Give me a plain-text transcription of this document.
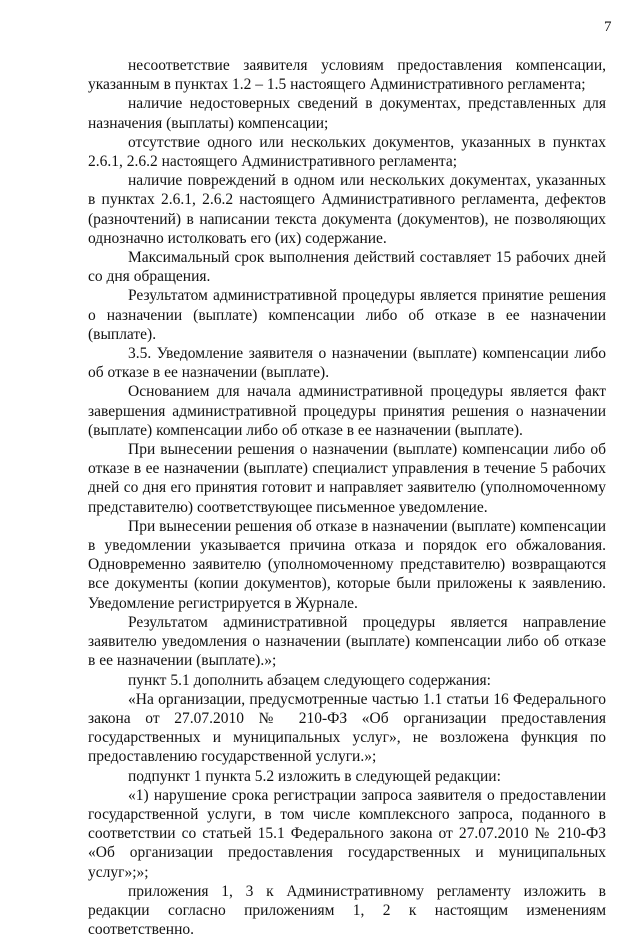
7

несоответствие заявителя условиям предоставления компенсации, указанным в пунктах 1.2 – 1.5 настоящего Административного регламента;

наличие недостоверных сведений в документах, представленных для назначения (выплаты) компенсации;

отсутствие одного или нескольких документов, указанных в пунктах 2.6.1, 2.6.2 настоящего Административного регламента;

наличие повреждений в одном или нескольких документах, указанных в пунктах 2.6.1, 2.6.2 настоящего Административного регламента, дефектов (разночтений) в написании текста документа (документов), не позволяющих однозначно истолковать его (их) содержание.

Максимальный срок выполнения действий составляет 15 рабочих дней со дня обращения.

Результатом административной процедуры является принятие решения о назначении (выплате) компенсации либо об отказе в ее назначении (выплате).

3.5. Уведомление заявителя о назначении (выплате) компенсации либо об отказе в ее назначении (выплате).

Основанием для начала административной процедуры является факт завершения административной процедуры принятия решения о назначении (выплате) компенсации либо об отказе в ее назначении (выплате).

При вынесении решения о назначении (выплате) компенсации либо об отказе в ее назначении (выплате) специалист управления в течение 5 рабочих дней со дня его принятия готовит и направляет заявителю (уполномоченному представителю) соответствующее письменное уведомление.

При вынесении решения об отказе в назначении (выплате) компенсации в уведомлении указывается причина отказа и порядок его обжалования. Одновременно заявителю (уполномоченному представителю) возвращаются все документы (копии документов), которые были приложены к заявлению. Уведомление регистрируется в Журнале.

Результатом административной процедуры является направление заявителю уведомления о назначении (выплате) компенсации либо об отказе в ее назначении (выплате).»;

пункт 5.1 дополнить абзацем следующего содержания:

«На организации, предусмотренные частью 1.1 статьи 16 Федерального закона от 27.07.2010 № 210-ФЗ «Об организации предоставления государственных и муниципальных услуг», не возложена функция по предоставлению государственной услуги.»;

подпункт 1 пункта 5.2 изложить в следующей редакции:

«1) нарушение срока регистрации запроса заявителя о предоставлении государственной услуги, в том числе комплексного запроса, поданного в соответствии со статьей 15.1 Федерального закона от 27.07.2010 № 210-ФЗ «Об организации предоставления государственных и муниципальных услуг»;»;

приложения 1, 3 к Административному регламенту изложить в редакции согласно приложениям 1, 2 к настоящим изменениям соответственно.
